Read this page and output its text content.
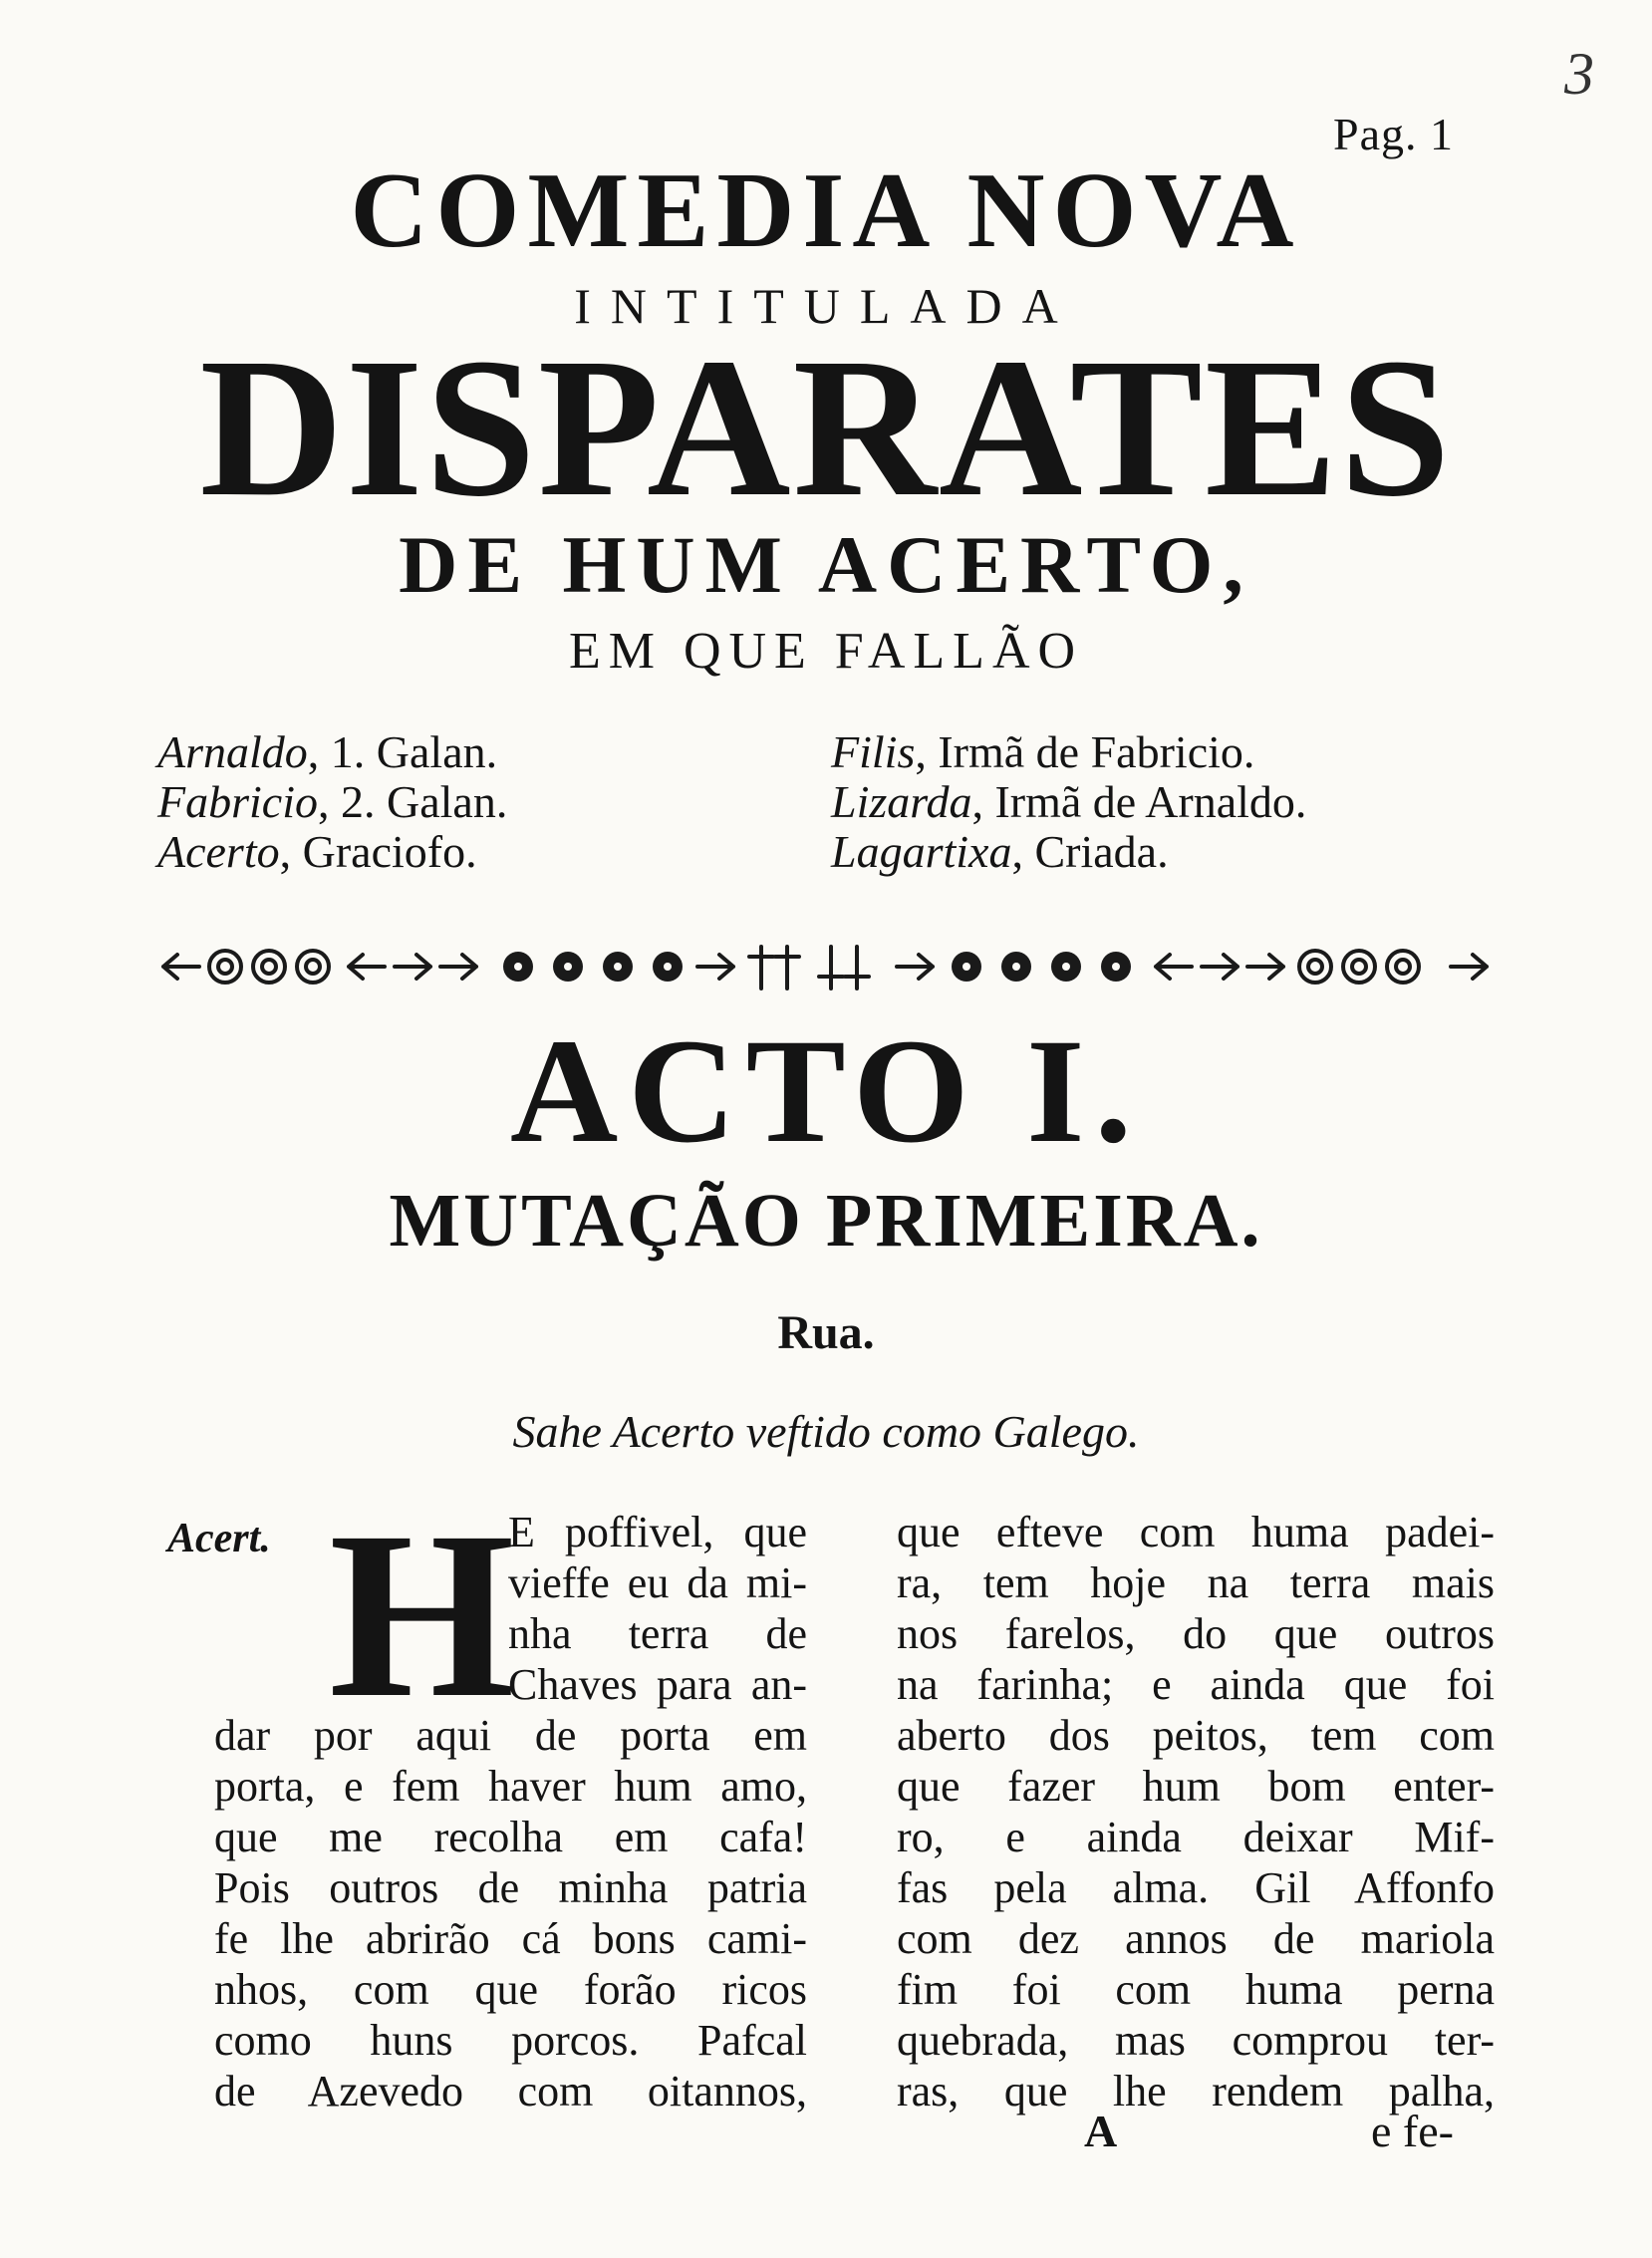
3
Pag. 1
COMEDIA NOVA
INTITULADA
DISPARATES
DE HUM ACERTO,
EM QUE FALLÃO
Arnaldo, 1. Galan.
Fabricio, 2. Galan.
Acerto, Graciofo.
Filis, Irmã de Fabricio.
Lizarda, Irmã de Arnaldo.
Lagartixa, Criada.
ACTO I.
MUTAÇÃO PRIMEIRA.
Rua.
Sahe Acerto veftido como Galego.
Acert. H
E poffivel, que
vieffe eu da mi-
nha terra de
Chaves para an-
dar por aqui de porta em
porta, e fem haver hum amo,
que me recolha em cafa!
Pois outros de minha patria
fe lhe abrirão cá bons cami-
nhos, com que forão ricos
como huns porcos. Pafcal
de Azevedo com oitannos,
que efteve com huma padei-
ra, tem hoje na terra mais
nos farelos, do que outros
na farinha; e ainda que foi
aberto dos peitos, tem com
que fazer hum bom enter-
ro, e ainda deixar Mif-
fas pela alma. Gil Affonfo
com dez annos de mariola
fim foi com huma perna
quebrada, mas comprou ter-
ras, que lhe rendem palha,
A	e fe-
